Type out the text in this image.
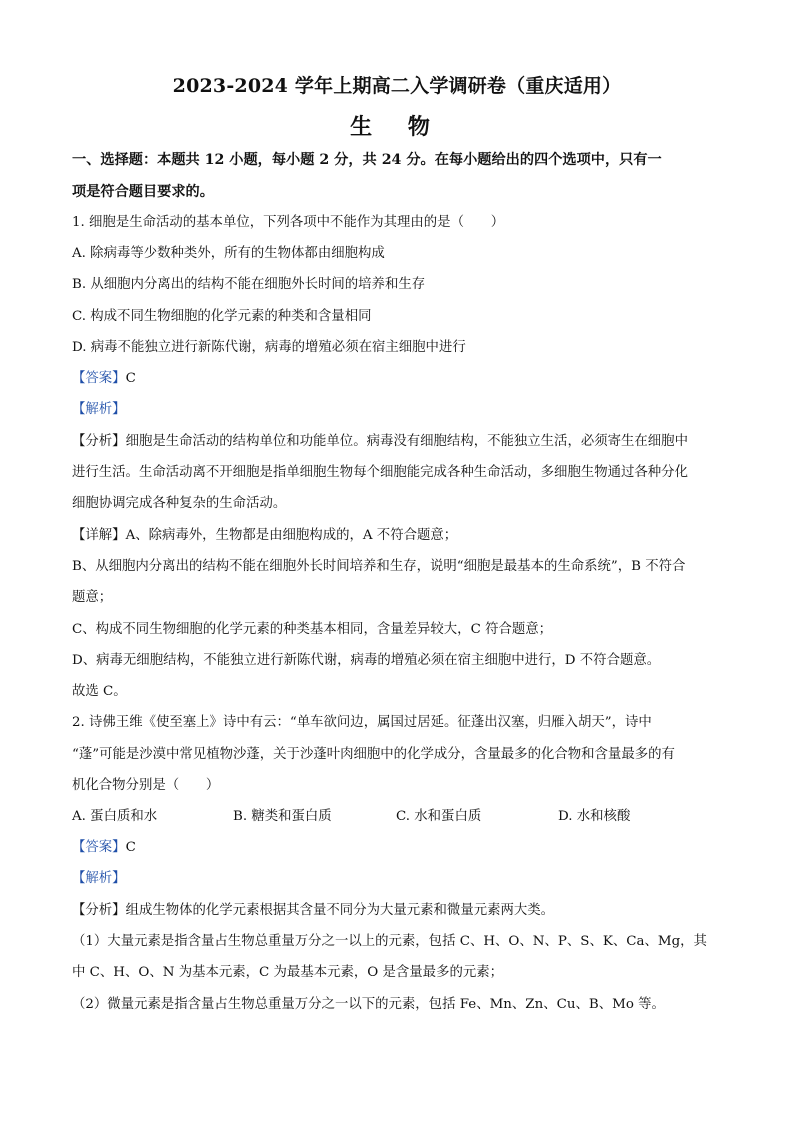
2023-2024 学年上期高二入学调研卷（重庆适用）
生 物
一、选择题：本题共 12 小题，每小题 2 分，共 24 分。在每小题给出的四个选项中，只有一
项是符合题目要求的。
1. 细胞是生命活动的基本单位，下列各项中不能作为其理由的是（　　）
A. 除病毒等少数种类外，所有的生物体都由细胞构成
B. 从细胞内分离出的结构不能在细胞外长时间的培养和生存
C. 构成不同生物细胞的化学元素的种类和含量相同
D. 病毒不能独立进行新陈代谢，病毒的增殖必须在宿主细胞中进行
【答案】C
【解析】
【分析】细胞是生命活动的结构单位和功能单位。病毒没有细胞结构，不能独立生活，必须寄生在细胞中
进行生活。生命活动离不开细胞是指单细胞生物每个细胞能完成各种生命活动，多细胞生物通过各种分化
细胞协调完成各种复杂的生命活动。
【详解】A、除病毒外，生物都是由细胞构成的，A 不符合题意；
B、从细胞内分离出的结构不能在细胞外长时间培养和生存，说明“细胞是最基本的生命系统”，B 不符合
题意；
C、构成不同生物细胞的化学元素的种类基本相同，含量差异较大，C 符合题意；
D、病毒无细胞结构，不能独立进行新陈代谢，病毒的增殖必须在宿主细胞中进行，D 不符合题意。
故选 C。
2. 诗佛王维《使至塞上》诗中有云：“单车欲问边，属国过居延。征蓬出汉塞，归雁入胡天”，诗中
“蓬”可能是沙漠中常见植物沙蓬，关于沙蓬叶肉细胞中的化学成分，含量最多的化合物和含量最多的有
机化合物分别是（　　）
A. 蛋白质和水	B. 糖类和蛋白质	C. 水和蛋白质	D. 水和核酸
【答案】C
【解析】
【分析】组成生物体的化学元素根据其含量不同分为大量元素和微量元素两大类。
（1）大量元素是指含量占生物总重量万分之一以上的元素，包括 C、H、O、N、P、S、K、Ca、Mg，其
中 C、H、O、N 为基本元素，C 为最基本元素，O 是含量最多的元素；
（2）微量元素是指含量占生物总重量万分之一以下的元素，包括 Fe、Mn、Zn、Cu、B、Mo 等。
